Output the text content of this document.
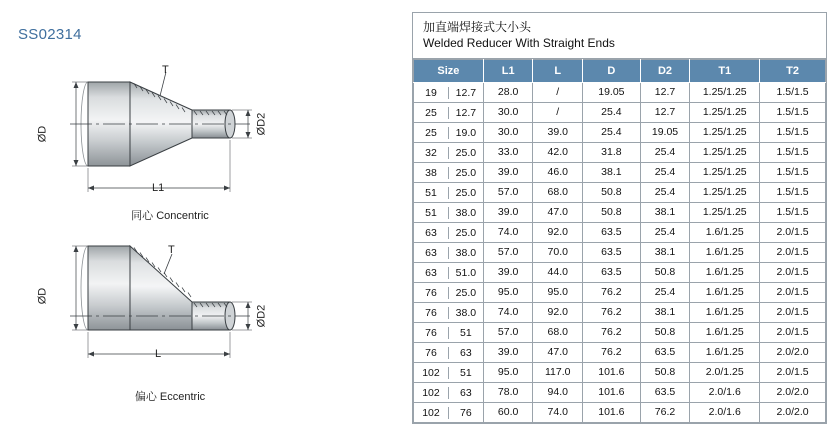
SS02314
ØD	ØD2
L1
T
同心 Concentric
ØD
ØD2
L
T
偏心 Eccentric
加直端焊接式大小头
Welded Reducer With Straight Ends
Size	L1	L	D	D2	T1	T2

19 12.7	28.0	/	19.05	12.7	1.25/1.25	1.5/1.5

25 12.7	30.0	/	25.4	12.7	1.25/1.25	1.5/1.5

25 19.0	30.0	39.0	25.4	19.05	1.25/1.25	1.5/1.5

32 25.0	33.0	42.0	31.8	25.4	1.25/1.25	1.5/1.5

38 25.0	39.0	46.0	38.1	25.4	1.25/1.25	1.5/1.5

51 25.0	57.0	68.0	50.8	25.4	1.25/1.25	1.5/1.5

51 38.0	39.0	47.0	50.8	38.1	1.25/1.25	1.5/1.5

63 25.0	74.0	92.0	63.5	25.4	1.6/1.25	2.0/1.5

63 38.0	57.0	70.0	63.5	38.1	1.6/1.25	2.0/1.5

63 51.0	39.0	44.0	63.5	50.8	1.6/1.25	2.0/1.5

76 25.0	95.0	95.0	76.2	25.4	1.6/1.25	2.0/1.5

76 38.0	74.0	92.0	76.2	38.1	1.6/1.25	2.0/1.5

76 51	57.0	68.0	76.2	50.8	1.6/1.25	2.0/1.5

76 63	39.0	47.0	76.2	63.5	1.6/1.25	2.0/2.0

102 51	95.0	117.0	101.6	50.8	2.0/1.25	2.0/1.5

102 63	78.0	94.0	101.6	63.5	2.0/1.6	2.0/2.0

102 76	60.0	74.0	101.6	76.2	2.0/1.6	2.0/2.0
